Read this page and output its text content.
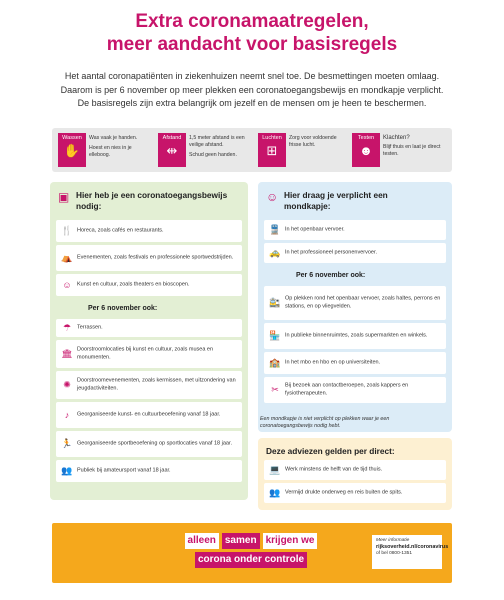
Extra coronamaatregelen,
meer aandacht voor basisregels
Het aantal coronapatiënten in ziekenhuizen neemt snel toe. De besmettingen moeten omlaag.
Daarom is per 6 november op meer plekken een coronatoegangsbewijs en mondkapje verplicht.
De basisregels zijn extra belangrijk om jezelf en de mensen om je heen te beschermen.
Wassen
✋
Was vaak je handen.
Hoest en nies in je elleboog.
Afstand
⇹
1,5 meter afstand is een veilige afstand.
Schud geen handen.
Luchten
⊞
Zorg voor voldoende frisse lucht.
Testen
☻
Klachten?
Blijf thuis en laat je direct testen.
▣ Hier heb je een coronatoegangsbewijs
nodig:
🍴 Horeca, zoals cafés en restaurants.
⛺ Evenementen, zoals festivals en professionele sportwedstrijden.
☺ Kunst en cultuur, zoals theaters en bioscopen.
Per 6 november ook:
☂	Terrassen.
🏛 Doorstroomlocaties bij kunst en cultuur, zoals musea en monumenten.
✺	Doorstroomevenementen, zoals kermissen, met uitzondering van jeugdactiviteiten.
♪	Georganiseerde kunst- en cultuurbeoefening vanaf 18 jaar.
🏃 Georganiseerde sportbeoefening op sportlocaties vanaf 18 jaar.
👥 Publiek bij amateursport vanaf 18 jaar.
☺ Hier draag je verplicht een
mondkapje:
🚆 In het openbaar vervoer.
🚕 In het professioneel personenvervoer.
Per 6 november ook:
🚉 Op plekken rond het openbaar vervoer, zoals haltes, perrons en stations, en op vliegvelden.
🏪 In publieke binnenruimtes, zoals supermarkten en winkels.
🏫 In het mbo en hbo en op universiteiten.
✂	Bij bezoek aan contactberoepen, zoals kappers en fysiotherapeuten.
Een mondkapje is niet verplicht op plekken waar je een
coronatoegangsbewijs nodig hebt.
Deze adviezen gelden per direct:
💻 Werk minstens de helft van de tijd thuis.
👥 Vermijd drukte onderweg en reis buiten de spits.
alleen samen krijgen we
corona onder controle
Meer informatie
rijksoverheid.nl/coronavirus
of bel 0800-1351
